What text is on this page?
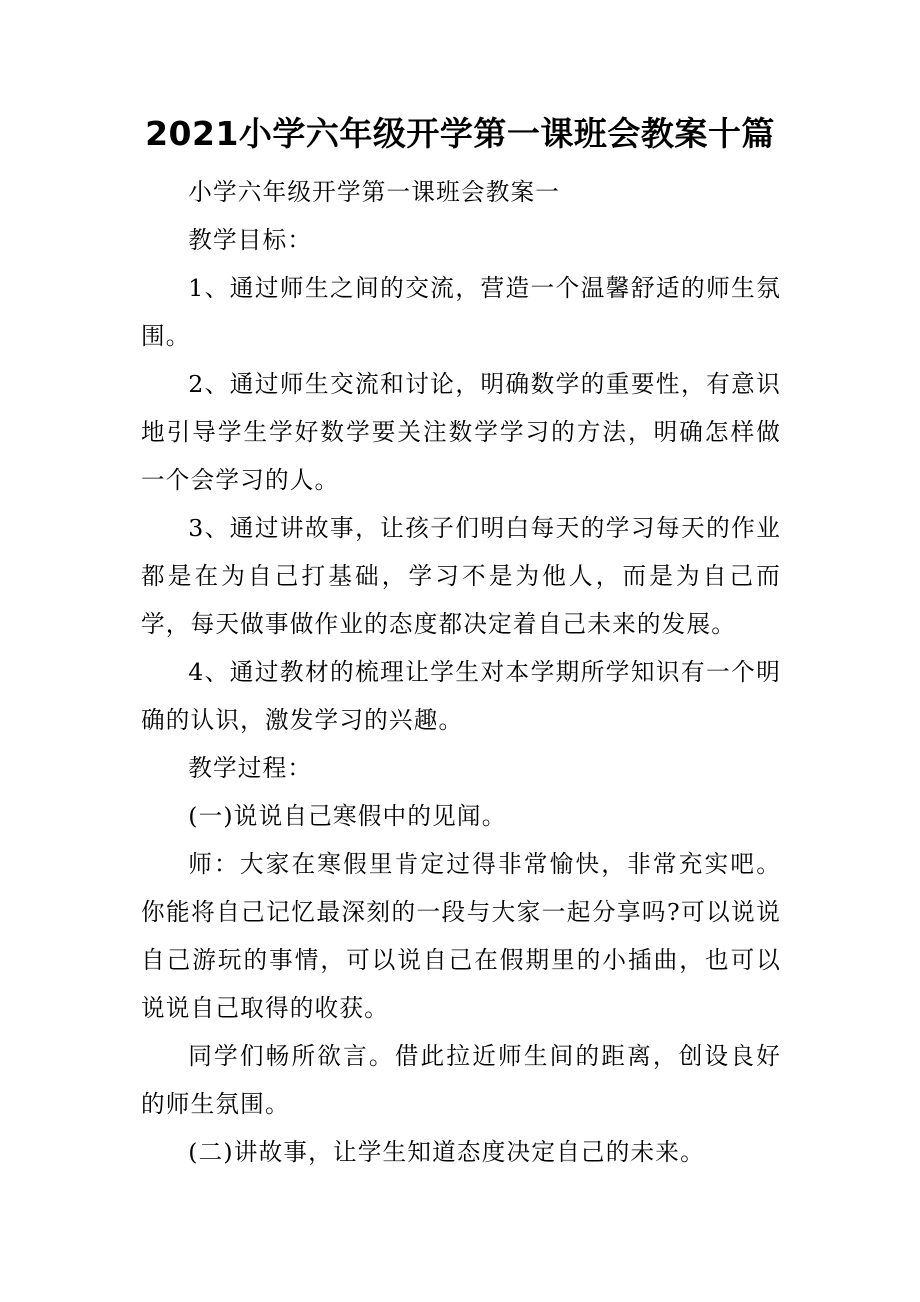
2021小学六年级开学第一课班会教案十篇

小学六年级开学第一课班会教案一

教学目标：

1、通过师生之间的交流，营造一个温馨舒适的师生氛围。

2、通过师生交流和讨论，明确数学的重要性，有意识地引导学生学好数学要关注数学学习的方法，明确怎样做一个会学习的人。

3、通过讲故事，让孩子们明白每天的学习每天的作业都是在为自己打基础，学习不是为他人，而是为自己而学，每天做事做作业的态度都决定着自己未来的发展。

4、通过教材的梳理让学生对本学期所学知识有一个明确的认识，激发学习的兴趣。

教学过程：

(一)说说自己寒假中的见闻。

师：大家在寒假里肯定过得非常愉快，非常充实吧。你能将自己记忆最深刻的一段与大家一起分享吗?可以说说自己游玩的事情，可以说自己在假期里的小插曲，也可以说说自己取得的收获。

同学们畅所欲言。借此拉近师生间的距离，创设良好的师生氛围。

(二)讲故事，让学生知道态度决定自己的未来。
